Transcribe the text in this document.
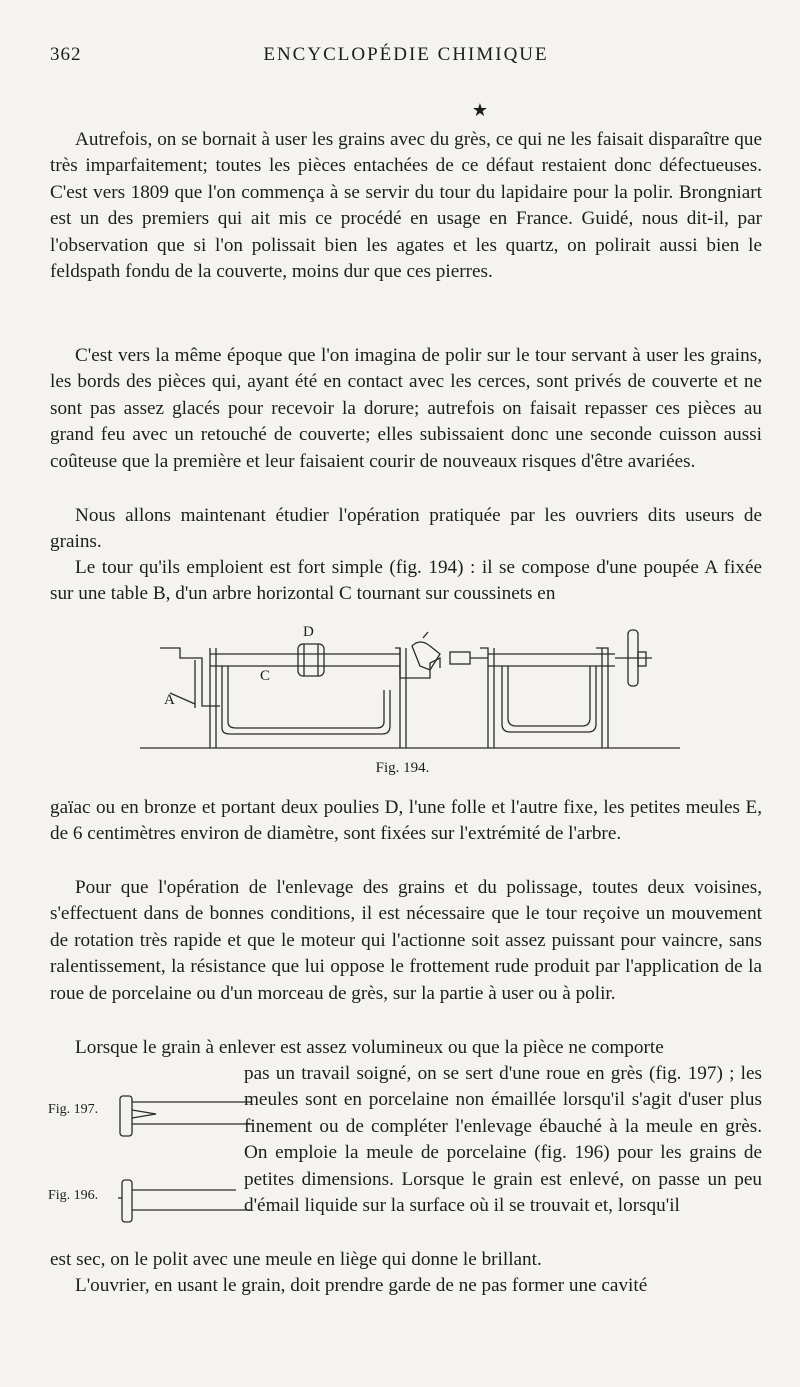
362	ENCYCLOPÉDIE CHIMIQUE
★

Autrefois, on se bornait à user les grains avec du grès, ce qui ne les faisait disparaître que très imparfaitement; toutes les pièces entachées de ce défaut restaient donc défectueuses. C'est vers 1809 que l'on commença à se servir du tour du lapidaire pour la polir. Brongniart est un des premiers qui ait mis ce procédé en usage en France. Guidé, nous dit-il, par l'observation que si l'on polissait bien les agates et les quartz, on polirait aussi bien le feldspath fondu de la couverte, moins dur que ces pierres.

C'est vers la même époque que l'on imagina de polir sur le tour servant à user les grains, les bords des pièces qui, ayant été en contact avec les cerces, sont privés de couverte et ne sont pas assez glacés pour recevoir la dorure; autrefois on faisait repasser ces pièces au grand feu avec un retouché de couverte; elles subissaient donc une seconde cuisson aussi coûteuse que la première et leur faisaient courir de nouveaux risques d'être avariées.

Nous allons maintenant étudier l'opération pratiquée par les ouvriers dits useurs de grains.

Le tour qu'ils emploient est fort simple (fig. 194) : il se compose d'une poupée A fixée sur une table B, d'un arbre horizontal C tournant sur coussinets en

A
C
D
Fig. 194.

gaïac ou en bronze et portant deux poulies D, l'une folle et l'autre fixe, les petites meules E, de 6 centimètres environ de diamètre, sont fixées sur l'extrémité de l'arbre.

Pour que l'opération de l'enlevage des grains et du polissage, toutes deux voisines, s'effectuent dans de bonnes conditions, il est nécessaire que le tour reçoive un mouvement de rotation très rapide et que le moteur qui l'actionne soit assez puissant pour vaincre, sans ralentissement, la résistance que lui oppose le frottement rude produit par l'application de la roue de porcelaine ou d'un morceau de grès, sur la partie à user ou à polir.

Lorsque le grain à enlever est assez volumineux ou que la pièce ne comporte

pas un travail soigné, on se sert d'une roue en grès (fig. 197) ; les meules sont en porcelaine non émaillée lorsqu'il s'agit d'user plus finement ou de compléter l'enlevage ébauché à la meule en grès. On emploie la meule de porcelaine (fig. 196) pour les grains de petites dimensions. Lorsque le grain est enlevé, on passe un peu d'émail liquide sur la surface où il se trouvait et, lorsqu'il

Fig. 197.
Fig. 196.

est sec, on le polit avec une meule en liège qui donne le brillant.

L'ouvrier, en usant le grain, doit prendre garde de ne pas former une cavité
